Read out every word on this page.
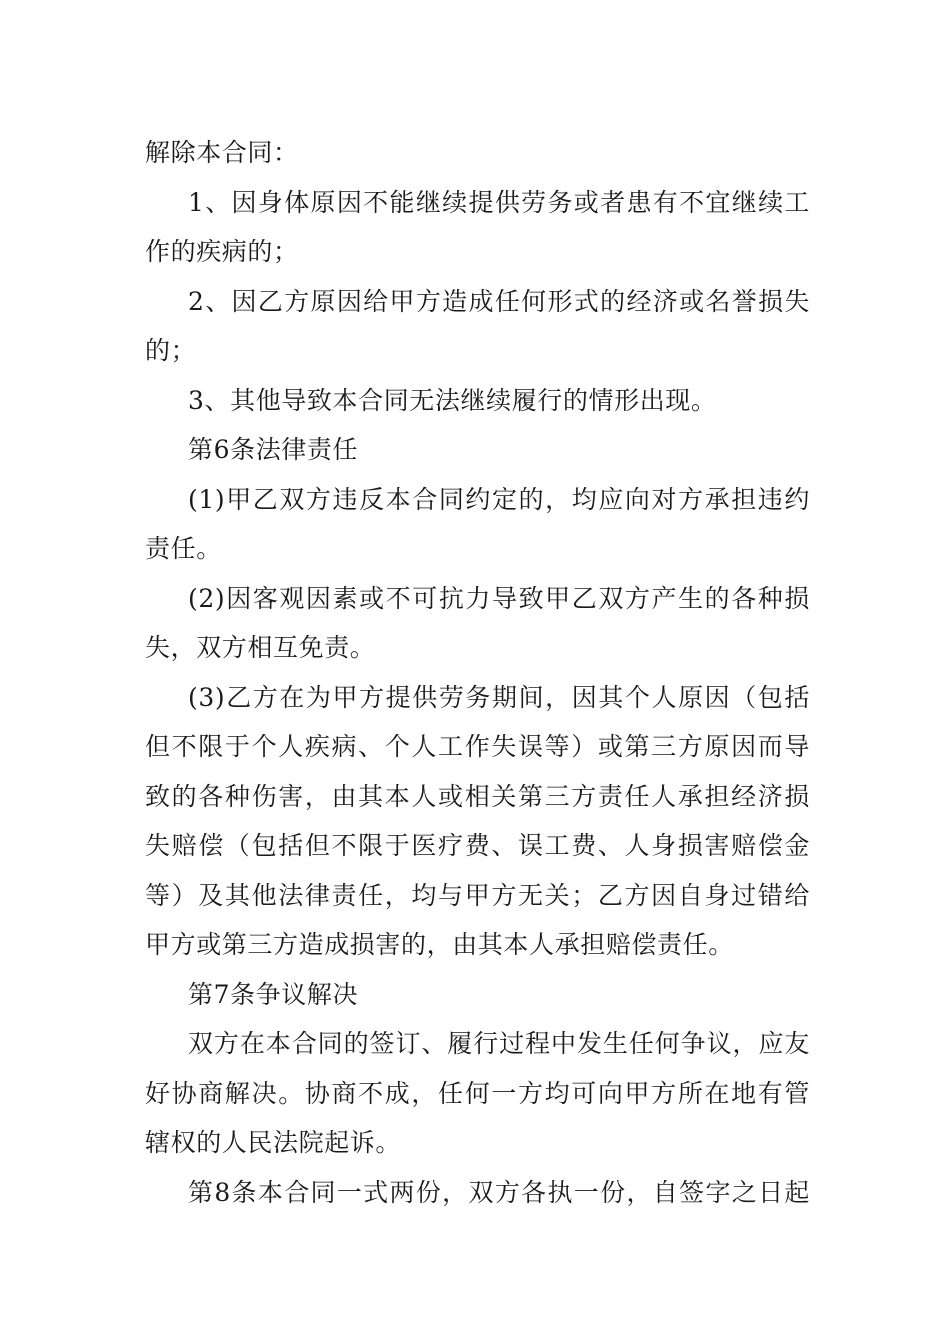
解除本合同：
1、因身体原因不能继续提供劳务或者患有不宜继续工
作的疾病的；
2、因乙方原因给甲方造成任何形式的经济或名誉损失
的；
3、其他导致本合同无法继续履行的情形出现。
第6条法律责任
(1)甲乙双方违反本合同约定的，均应向对方承担违约
责任。
(2)因客观因素或不可抗力导致甲乙双方产生的各种损
失，双方相互免责。
(3)乙方在为甲方提供劳务期间，因其个人原因（包括
但不限于个人疾病、个人工作失误等）或第三方原因而导
致的各种伤害，由其本人或相关第三方责任人承担经济损
失赔偿（包括但不限于医疗费、误工费、人身损害赔偿金
等）及其他法律责任，均与甲方无关；乙方因自身过错给
甲方或第三方造成损害的，由其本人承担赔偿责任。
第7条争议解决
双方在本合同的签订、履行过程中发生任何争议，应友
好协商解决。协商不成，任何一方均可向甲方所在地有管
辖权的人民法院起诉。
第8条本合同一式两份，双方各执一份，自签字之日起
